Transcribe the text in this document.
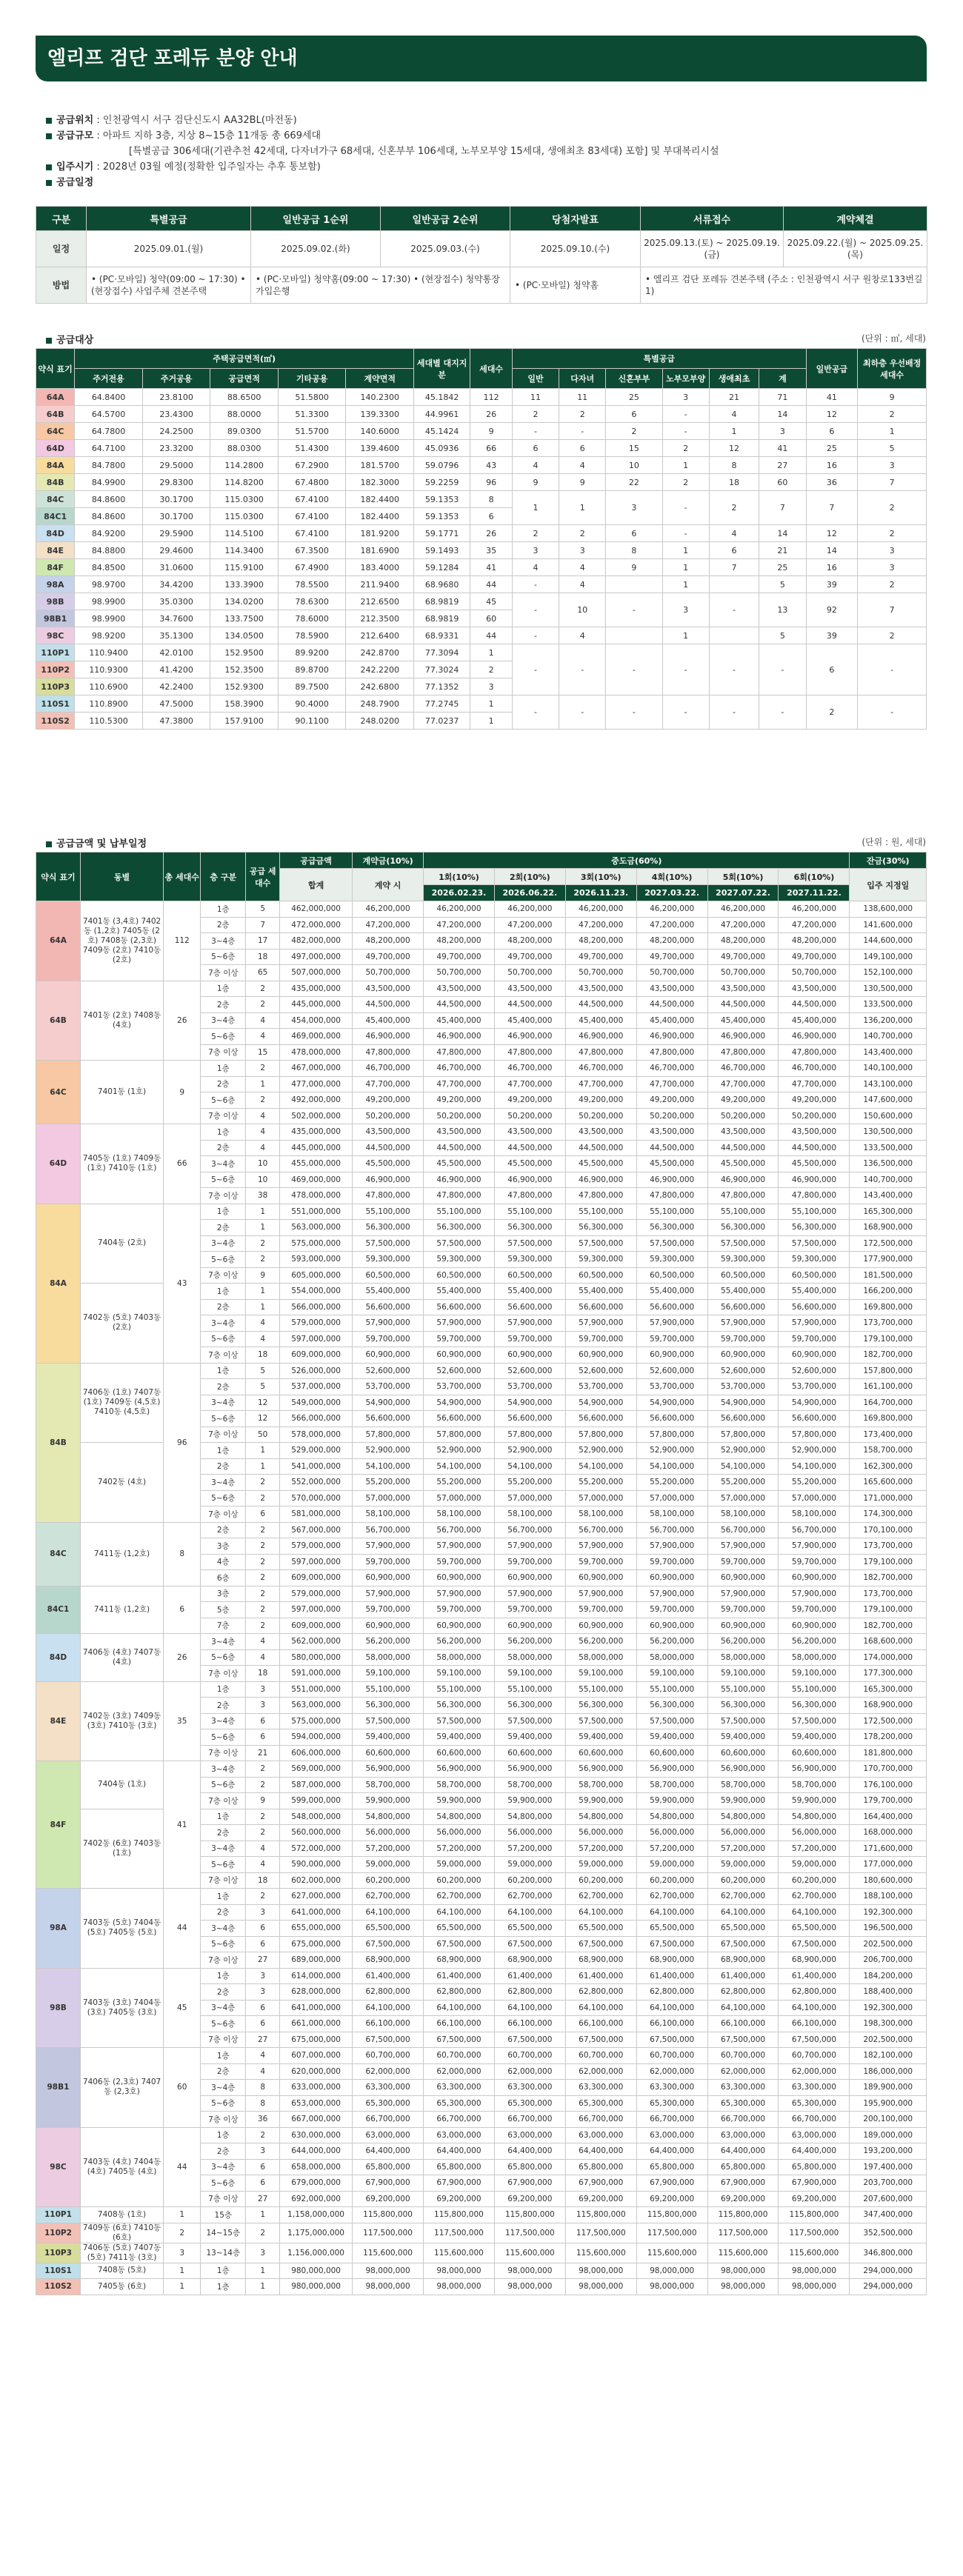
엘리프 검단 포레듀 분양 안내
공급위치 : 인천광역시 서구 검단신도시 AA32BL(마전동)
공급규모 : 아파트 지하 3층, 지상 8~15층 11개동 총 669세대
[특별공급 306세대(기관추천 42세대, 다자녀가구 68세대, 신혼부부 106세대, 노부모부양 15세대, 생애최초 83세대) 포함] 및 부대복리시설
입주시기 : 2028년 03월 예정(정확한 입주일자는 추후 통보함)
공급일정
구분	특별공급	일반공급 1순위	일반공급 2순위	당첨자발표	서류접수	계약체결
일정	2025.09.01.(월)	2025.09.02.(화)	2025.09.03.(수)	2025.09.10.(수)	2025.09.13.(토) ~ 2025.09.19.(금)	2025.09.22.(월) ~ 2025.09.25.(목)
방법	• (PC·모바일) 청약(09:00 ~ 17:30) • (현장접수) 사업주체 견본주택	• (PC·모바일) 청약홈(09:00 ~ 17:30) • (현장접수) 청약통장 가입은행		• (PC·모바일) 청약홈	• 엘리프 검단 포레듀 견본주택 (주소 : 인천광역시 서구 원창로133번길 1)	
공급대상	(단위 : ㎡, 세대)
약식 표기	주택공급면적(㎡)					세대별 대지지분	세대수	특별공급						일반공급	최하층 우선배정 세대수
	주거전용	주거공용	공급면적	기타공용	계약면적			일반	다자녀	신혼부부	노부모부양	생애최초	계		
64A	64.8400	23.8100	88.6500	51.5800	140.2300	45.1842	112	11	11	25	3	21	71	41	9
64B	64.5700	23.4300	88.0000	51.3300	139.3300	44.9961	26	2	2	6	-	4	14	12	2
64C	64.7800	24.2500	89.0300	51.5700	140.6000	45.1424	9	-	-	2	-	1	3	6	1
64D	64.7100	23.3200	88.0300	51.4300	139.4600	45.0936	66	6	6	15	2	12	41	25	5
84A	84.7800	29.5000	114.2800	67.2900	181.5700	59.0796	43	4	4	10	1	8	27	16	3
84B	84.9900	29.8300	114.8200	67.4800	182.3000	59.2259	96	9	9	22	2	18	60	36	7
84C	84.8600	30.1700	115.0300	67.4100	182.4400	59.1353	8	1	1	3	-	2	7	7	2
84C1	84.8600	30.1700	115.0300	67.4100	182.4400	59.1353	6								
84D	84.9200	29.5900	114.5100	67.4100	181.9200	59.1771	26	2	2	6	-	4	14	12	2
84E	84.8800	29.4600	114.3400	67.3500	181.6900	59.1493	35	3	3	8	1	6	21	14	3
84F	84.8500	31.0600	115.9100	67.4900	183.4000	59.1284	41	4	4	9	1	7	25	16	3
98A	98.9700	34.4200	133.3900	78.5500	211.9400	68.9680	44	-	4		1		5	39	2
98B	98.9900	35.0300	134.0200	78.6300	212.6500	68.9819	45	-	10	-	3	-	13	92	7
98B1	98.9900	34.7600	133.7500	78.6000	212.3500	68.9819	60								
98C	98.9200	35.1300	134.0500	78.5900	212.6400	68.9331	44	-	4		1		5	39	2
110P1	110.9400	42.0100	152.9500	89.9200	242.8700	77.3094	1	-	-	-	-	-	-	6	-
110P2	110.9300	41.4200	152.3500	89.8700	242.2200	77.3024	2								
110P3	110.6900	42.2400	152.9300	89.7500	242.6800	77.1352	3								
110S1	110.8900	47.5000	158.3900	90.4000	248.7900	77.2745	1	-	-	-	-	-	-	2	-
110S2	110.5300	47.3800	157.9100	90.1100	248.0200	77.0237	1								
공급금액 및 납부일정	(단위 : 원, 세대)
약식 표기	동별	총 세대수	층 구분	공급 세대수	공급금액	계약금(10%)	중도금(60%)						잔금(30%)
					합계	계약 시	1회(10%)	2회(10%)	3회(10%)	4회(10%)	5회(10%)	6회(10%)	입주 지정일
							2026.02.23.	2026.06.22.	2026.11.23.	2027.03.22.	2027.07.22.	2027.11.22.	
64A	7401동 (3,4호) 7402동 (1,2호) 7405동 (2호) 7408동 (2,3호) 7409동 (2호) 7410동 (2호)	112	1층	5	462,000,000	46,200,000	46,200,000	46,200,000	46,200,000	46,200,000	46,200,000	46,200,000	138,600,000
			2층	7	472,000,000	47,200,000	47,200,000	47,200,000	47,200,000	47,200,000	47,200,000	47,200,000	141,600,000
			3~4층	17	482,000,000	48,200,000	48,200,000	48,200,000	48,200,000	48,200,000	48,200,000	48,200,000	144,600,000
			5~6층	18	497,000,000	49,700,000	49,700,000	49,700,000	49,700,000	49,700,000	49,700,000	49,700,000	149,100,000
			7층 이상	65	507,000,000	50,700,000	50,700,000	50,700,000	50,700,000	50,700,000	50,700,000	50,700,000	152,100,000
64B	7401동 (2호) 7408동 (4호)	26	1층	2	435,000,000	43,500,000	43,500,000	43,500,000	43,500,000	43,500,000	43,500,000	43,500,000	130,500,000
			2층	2	445,000,000	44,500,000	44,500,000	44,500,000	44,500,000	44,500,000	44,500,000	44,500,000	133,500,000
			3~4층	4	454,000,000	45,400,000	45,400,000	45,400,000	45,400,000	45,400,000	45,400,000	45,400,000	136,200,000
			5~6층	4	469,000,000	46,900,000	46,900,000	46,900,000	46,900,000	46,900,000	46,900,000	46,900,000	140,700,000
			7층 이상	15	478,000,000	47,800,000	47,800,000	47,800,000	47,800,000	47,800,000	47,800,000	47,800,000	143,400,000
64C	7401동 (1호)	9	1층	2	467,000,000	46,700,000	46,700,000	46,700,000	46,700,000	46,700,000	46,700,000	46,700,000	140,100,000
			2층	1	477,000,000	47,700,000	47,700,000	47,700,000	47,700,000	47,700,000	47,700,000	47,700,000	143,100,000
			5~6층	2	492,000,000	49,200,000	49,200,000	49,200,000	49,200,000	49,200,000	49,200,000	49,200,000	147,600,000
			7층 이상	4	502,000,000	50,200,000	50,200,000	50,200,000	50,200,000	50,200,000	50,200,000	50,200,000	150,600,000
64D	7405동 (1호) 7409동 (1호) 7410동 (1호)	66	1층	4	435,000,000	43,500,000	43,500,000	43,500,000	43,500,000	43,500,000	43,500,000	43,500,000	130,500,000
			2층	4	445,000,000	44,500,000	44,500,000	44,500,000	44,500,000	44,500,000	44,500,000	44,500,000	133,500,000
			3~4층	10	455,000,000	45,500,000	45,500,000	45,500,000	45,500,000	45,500,000	45,500,000	45,500,000	136,500,000
			5~6층	10	469,000,000	46,900,000	46,900,000	46,900,000	46,900,000	46,900,000	46,900,000	46,900,000	140,700,000
			7층 이상	38	478,000,000	47,800,000	47,800,000	47,800,000	47,800,000	47,800,000	47,800,000	47,800,000	143,400,000
84A	7404동 (2호)	43	1층	1	551,000,000	55,100,000	55,100,000	55,100,000	55,100,000	55,100,000	55,100,000	55,100,000	165,300,000
			2층	1	563,000,000	56,300,000	56,300,000	56,300,000	56,300,000	56,300,000	56,300,000	56,300,000	168,900,000
			3~4층	2	575,000,000	57,500,000	57,500,000	57,500,000	57,500,000	57,500,000	57,500,000	57,500,000	172,500,000
			5~6층	2	593,000,000	59,300,000	59,300,000	59,300,000	59,300,000	59,300,000	59,300,000	59,300,000	177,900,000
			7층 이상	9	605,000,000	60,500,000	60,500,000	60,500,000	60,500,000	60,500,000	60,500,000	60,500,000	181,500,000
	7402동 (5호) 7403동 (2호)		1층	1	554,000,000	55,400,000	55,400,000	55,400,000	55,400,000	55,400,000	55,400,000	55,400,000	166,200,000
			2층	1	566,000,000	56,600,000	56,600,000	56,600,000	56,600,000	56,600,000	56,600,000	56,600,000	169,800,000
			3~4층	4	579,000,000	57,900,000	57,900,000	57,900,000	57,900,000	57,900,000	57,900,000	57,900,000	173,700,000
			5~6층	4	597,000,000	59,700,000	59,700,000	59,700,000	59,700,000	59,700,000	59,700,000	59,700,000	179,100,000
			7층 이상	18	609,000,000	60,900,000	60,900,000	60,900,000	60,900,000	60,900,000	60,900,000	60,900,000	182,700,000
84B	7406동 (1호) 7407동 (1호) 7409동 (4,5호) 7410동 (4,5호)	96	1층	5	526,000,000	52,600,000	52,600,000	52,600,000	52,600,000	52,600,000	52,600,000	52,600,000	157,800,000
			2층	5	537,000,000	53,700,000	53,700,000	53,700,000	53,700,000	53,700,000	53,700,000	53,700,000	161,100,000
			3~4층	12	549,000,000	54,900,000	54,900,000	54,900,000	54,900,000	54,900,000	54,900,000	54,900,000	164,700,000
			5~6층	12	566,000,000	56,600,000	56,600,000	56,600,000	56,600,000	56,600,000	56,600,000	56,600,000	169,800,000
			7층 이상	50	578,000,000	57,800,000	57,800,000	57,800,000	57,800,000	57,800,000	57,800,000	57,800,000	173,400,000
	7402동 (4호)		1층	1	529,000,000	52,900,000	52,900,000	52,900,000	52,900,000	52,900,000	52,900,000	52,900,000	158,700,000
			2층	1	541,000,000	54,100,000	54,100,000	54,100,000	54,100,000	54,100,000	54,100,000	54,100,000	162,300,000
			3~4층	2	552,000,000	55,200,000	55,200,000	55,200,000	55,200,000	55,200,000	55,200,000	55,200,000	165,600,000
			5~6층	2	570,000,000	57,000,000	57,000,000	57,000,000	57,000,000	57,000,000	57,000,000	57,000,000	171,000,000
			7층 이상	6	581,000,000	58,100,000	58,100,000	58,100,000	58,100,000	58,100,000	58,100,000	58,100,000	174,300,000
84C	7411동 (1,2호)	8	2층	2	567,000,000	56,700,000	56,700,000	56,700,000	56,700,000	56,700,000	56,700,000	56,700,000	170,100,000
			3층	2	579,000,000	57,900,000	57,900,000	57,900,000	57,900,000	57,900,000	57,900,000	57,900,000	173,700,000
			4층	2	597,000,000	59,700,000	59,700,000	59,700,000	59,700,000	59,700,000	59,700,000	59,700,000	179,100,000
			6층	2	609,000,000	60,900,000	60,900,000	60,900,000	60,900,000	60,900,000	60,900,000	60,900,000	182,700,000
84C1	7411동 (1,2호)	6	3층	2	579,000,000	57,900,000	57,900,000	57,900,000	57,900,000	57,900,000	57,900,000	57,900,000	173,700,000
			5층	2	597,000,000	59,700,000	59,700,000	59,700,000	59,700,000	59,700,000	59,700,000	59,700,000	179,100,000
			7층	2	609,000,000	60,900,000	60,900,000	60,900,000	60,900,000	60,900,000	60,900,000	60,900,000	182,700,000
84D	7406동 (4호) 7407동 (4호)	26	3~4층	4	562,000,000	56,200,000	56,200,000	56,200,000	56,200,000	56,200,000	56,200,000	56,200,000	168,600,000
			5~6층	4	580,000,000	58,000,000	58,000,000	58,000,000	58,000,000	58,000,000	58,000,000	58,000,000	174,000,000
			7층 이상	18	591,000,000	59,100,000	59,100,000	59,100,000	59,100,000	59,100,000	59,100,000	59,100,000	177,300,000
84E	7402동 (3호) 7409동 (3호) 7410동 (3호)	35	1층	3	551,000,000	55,100,000	55,100,000	55,100,000	55,100,000	55,100,000	55,100,000	55,100,000	165,300,000
			2층	3	563,000,000	56,300,000	56,300,000	56,300,000	56,300,000	56,300,000	56,300,000	56,300,000	168,900,000
			3~4층	6	575,000,000	57,500,000	57,500,000	57,500,000	57,500,000	57,500,000	57,500,000	57,500,000	172,500,000
			5~6층	6	594,000,000	59,400,000	59,400,000	59,400,000	59,400,000	59,400,000	59,400,000	59,400,000	178,200,000
			7층 이상	21	606,000,000	60,600,000	60,600,000	60,600,000	60,600,000	60,600,000	60,600,000	60,600,000	181,800,000
84F	7404동 (1호)	41	3~4층	2	569,000,000	56,900,000	56,900,000	56,900,000	56,900,000	56,900,000	56,900,000	56,900,000	170,700,000
			5~6층	2	587,000,000	58,700,000	58,700,000	58,700,000	58,700,000	58,700,000	58,700,000	58,700,000	176,100,000
			7층 이상	9	599,000,000	59,900,000	59,900,000	59,900,000	59,900,000	59,900,000	59,900,000	59,900,000	179,700,000
	7402동 (6호) 7403동 (1호)		1층	2	548,000,000	54,800,000	54,800,000	54,800,000	54,800,000	54,800,000	54,800,000	54,800,000	164,400,000
			2층	2	560,000,000	56,000,000	56,000,000	56,000,000	56,000,000	56,000,000	56,000,000	56,000,000	168,000,000
			3~4층	4	572,000,000	57,200,000	57,200,000	57,200,000	57,200,000	57,200,000	57,200,000	57,200,000	171,600,000
			5~6층	4	590,000,000	59,000,000	59,000,000	59,000,000	59,000,000	59,000,000	59,000,000	59,000,000	177,000,000
			7층 이상	18	602,000,000	60,200,000	60,200,000	60,200,000	60,200,000	60,200,000	60,200,000	60,200,000	180,600,000
98A	7403동 (5호) 7404동 (5호) 7405동 (5호)	44	1층	2	627,000,000	62,700,000	62,700,000	62,700,000	62,700,000	62,700,000	62,700,000	62,700,000	188,100,000
			2층	3	641,000,000	64,100,000	64,100,000	64,100,000	64,100,000	64,100,000	64,100,000	64,100,000	192,300,000
			3~4층	6	655,000,000	65,500,000	65,500,000	65,500,000	65,500,000	65,500,000	65,500,000	65,500,000	196,500,000
			5~6층	6	675,000,000	67,500,000	67,500,000	67,500,000	67,500,000	67,500,000	67,500,000	67,500,000	202,500,000
			7층 이상	27	689,000,000	68,900,000	68,900,000	68,900,000	68,900,000	68,900,000	68,900,000	68,900,000	206,700,000
98B	7403동 (3호) 7404동 (3호) 7405동 (3호)	45	1층	3	614,000,000	61,400,000	61,400,000	61,400,000	61,400,000	61,400,000	61,400,000	61,400,000	184,200,000
			2층	3	628,000,000	62,800,000	62,800,000	62,800,000	62,800,000	62,800,000	62,800,000	62,800,000	188,400,000
			3~4층	6	641,000,000	64,100,000	64,100,000	64,100,000	64,100,000	64,100,000	64,100,000	64,100,000	192,300,000
			5~6층	6	661,000,000	66,100,000	66,100,000	66,100,000	66,100,000	66,100,000	66,100,000	66,100,000	198,300,000
			7층 이상	27	675,000,000	67,500,000	67,500,000	67,500,000	67,500,000	67,500,000	67,500,000	67,500,000	202,500,000
98B1	7406동 (2,3호) 7407동 (2,3호)	60	1층	4	607,000,000	60,700,000	60,700,000	60,700,000	60,700,000	60,700,000	60,700,000	60,700,000	182,100,000
			2층	4	620,000,000	62,000,000	62,000,000	62,000,000	62,000,000	62,000,000	62,000,000	62,000,000	186,000,000
			3~4층	8	633,000,000	63,300,000	63,300,000	63,300,000	63,300,000	63,300,000	63,300,000	63,300,000	189,900,000
			5~6층	8	653,000,000	65,300,000	65,300,000	65,300,000	65,300,000	65,300,000	65,300,000	65,300,000	195,900,000
			7층 이상	36	667,000,000	66,700,000	66,700,000	66,700,000	66,700,000	66,700,000	66,700,000	66,700,000	200,100,000
98C	7403동 (4호) 7404동 (4호) 7405동 (4호)	44	1층	2	630,000,000	63,000,000	63,000,000	63,000,000	63,000,000	63,000,000	63,000,000	63,000,000	189,000,000
			2층	3	644,000,000	64,400,000	64,400,000	64,400,000	64,400,000	64,400,000	64,400,000	64,400,000	193,200,000
			3~4층	6	658,000,000	65,800,000	65,800,000	65,800,000	65,800,000	65,800,000	65,800,000	65,800,000	197,400,000
			5~6층	6	679,000,000	67,900,000	67,900,000	67,900,000	67,900,000	67,900,000	67,900,000	67,900,000	203,700,000
			7층 이상	27	692,000,000	69,200,000	69,200,000	69,200,000	69,200,000	69,200,000	69,200,000	69,200,000	207,600,000
110P1	7408동 (1호)	1	15층	1	1,158,000,000	115,800,000	115,800,000	115,800,000	115,800,000	115,800,000	115,800,000	115,800,000	347,400,000
110P2	7409동 (6호) 7410동 (6호)	2	14~15층	2	1,175,000,000	117,500,000	117,500,000	117,500,000	117,500,000	117,500,000	117,500,000	117,500,000	352,500,000
110P3	7406동 (5호) 7407동 (5호) 7411동 (3호)	3	13~14층	3	1,156,000,000	115,600,000	115,600,000	115,600,000	115,600,000	115,600,000	115,600,000	115,600,000	346,800,000
110S1	7408동 (5호)	1	1층	1	980,000,000	98,000,000	98,000,000	98,000,000	98,000,000	98,000,000	98,000,000	98,000,000	294,000,000
110S2	7405동 (6호)	1	1층	1	980,000,000	98,000,000	98,000,000	98,000,000	98,000,000	98,000,000	98,000,000	98,000,000	294,000,000
